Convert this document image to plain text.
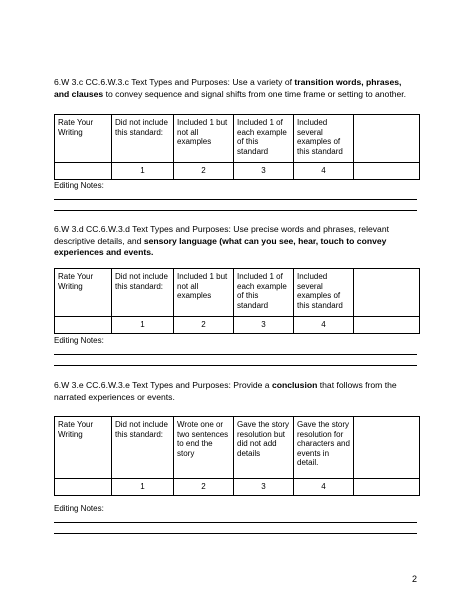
6.W 3.c CC.6.W.3.c Text Types and Purposes: Use a variety of transition words, phrases, and clauses to convey sequence and signal shifts from one time frame or setting to another.

Rate Your Writing	Did not include this standard:	Included 1 but not all examples	Included 1 of each example of this standard	Included several examples of this standard	
	1	2	3	4	
Editing Notes:

6.W 3.d CC.6.W.3.d Text Types and Purposes: Use precise words and phrases, relevant descriptive details, and sensory language (what can you see, hear, touch to convey experiences and events.

Rate Your Writing	Did not include this standard:	Included 1 but not all examples	Included 1 of each example of this standard	Included several examples of this standard	
	1	2	3	4	
Editing Notes:

6.W 3.e CC.6.W.3.e Text Types and Purposes: Provide a conclusion that follows from the narrated experiences or events.

Rate Your Writing	Did not include this standard:	Wrote one or two sentences to end the story	Gave the story resolution but did not add details	Gave the story resolution for characters and events in detail.	
	1	2	3	4	
Editing Notes:
2
